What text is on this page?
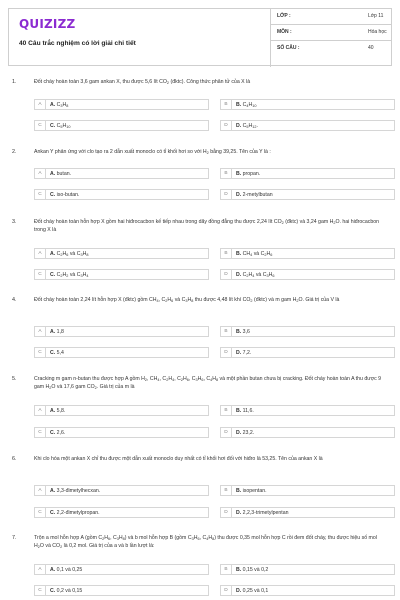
QUIZIZZ
40 Câu trắc nghiệm có lời giải chi tiết
LỚP :	Lớp 11
MÔN :	Hóa học
SỐ CÂU :	40
1.	Đốt cháy hoàn toàn 3,6 gam ankan X, thu được 5,6 lít $CO_2$ (đktc). Công thức phân tử của X là
A	A. $C_3H_8$	B	B. $C_4H_{10}$
C	C. $C_5H_{10}$	D	D. $C_5H_{12}$.
2.	Ankan Y phản ứng với clo tạo ra 2 dẫn xuất monoclo có tỉ khối hơi so với $H_2$ bằng 39,25. Tên của Y là :
A	A. butan.	B	B. propan.
C	C. iso-butan.	D	D. 2-metylbutan
3.	Đốt cháy hoàn toàn hỗn hợp X gồm hai hiđrocacbon kế tiếp nhau trong dãy đồng đẳng thu được 2,24 lít $CO_2$ (đktc) và 3,24 gam $H_2O$. hai hiđrocacbon trong X là
A	A. $C_2H_6$ và $C_3H_8$	B	B. $CH_4$ và $C_2H_6$
C	C. $C_2H_2$ và $C_3H_4$	D	D. $C_2H_4$ và $C_3H_6$
4.	Đốt cháy hoàn toàn 2,24 lít hỗn hợp X (đktc) gồm $CH_4$, $C_2H_6$ và $C_3H_8$ thu được 4,48 lít khí $CO_2$ (đktc) và m gam $H_2O$. Giá trị của V là
A	A. 1,8	B	B. 3,6
C	C. 5,4	D	D. 7,2.
5.	Cracking m gam n-butan thu được hợp A gồm $H_2$, $CH_4$, $C_2H_4$, $C_2H_6$, $C_3H_6$, $C_4H_8$ và một phần butan chưa bị cracking. Đốt cháy hoàn toàn A thu được 9 gam $H_2O$ và 17,6 gam $CO_2$. Giá trị của m là
A	A. 5,8.	B	B. 11,6.
C	C. 2,6.	D	D. 23,2.
6.	Khi clo hóa một ankan X chỉ thu được một dẫn xuất monoclo duy nhất có tỉ khối hơi đối với hiđro là 53,25. Tên của ankan X là
A	A. 3,3-đimetylhecxan.	B	B. isopentan.
C	C. 2,2-đimetylpropan.	D	D. 2,2,3-trimetylpentan
7.	Trộn a mol hỗn hợp A (gồm $C_2H_6$, $C_3H_8$) và b mol hỗn hợp B (gồm $C_3H_6$, $C_4H_8$) thu được 0,35 mol hỗn hợp C rồi đem đốt cháy, thu được hiệu số mol $H_2O$ và $CO_2$ là 0,2 mol. Giá trị của a và b lần lượt là:
A	A. 0,1 và 0,25	B	B. 0,15 và 0,2
C	C. 0,2 và 0,15	D	D. 0,25 và 0,1
